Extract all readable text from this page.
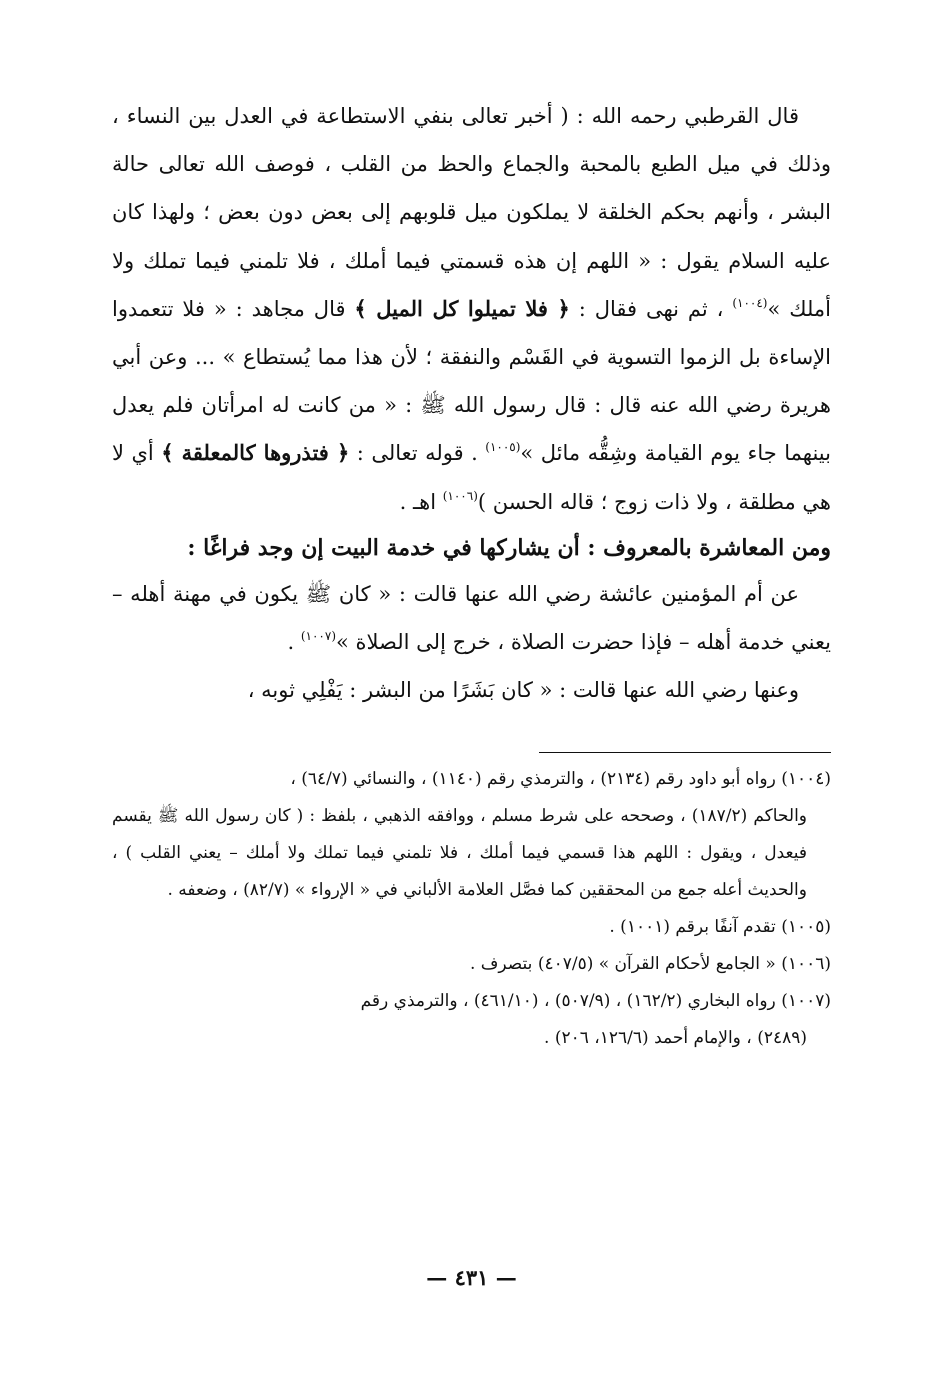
قال القرطبي رحمه الله : ( أخبر تعالى بنفي الاستطاعة في العدل بين النساء ، وذلك في ميل الطبع بالمحبة والجماع والحظ من القلب ، فوصف الله تعالى حالة البشر ، وأنهم بحكم الخلقة لا يملكون ميل قلوبهم إلى بعض دون بعض ؛ ولهذا كان عليه السلام يقول : « اللهم إن هذه قسمتي فيما أملك ، فلا تلمني فيما تملك ولا أملك »$^{(١٠٠٤)}$ ، ثم نهى فقال : ﴿ فلا تميلوا كل الميل ﴾ قال مجاهد : « فلا تتعمدوا الإساءة بل الزموا التسوية في القَسْم والنفقة ؛ لأن هذا مما يُستطاع » ... وعن أبي هريرة رضي الله عنه قال : قال رسول الله ﷺ : « من كانت له امرأتان فلم يعدل بينهما جاء يوم القيامة وشِقُّه مائل »$^{(١٠٠٥)}$ . قوله تعالى : ﴿ فتذروها كالمعلقة ﴾ أي لا هي مطلقة ، ولا ذات زوج ؛ قاله الحسن )$^{(١٠٠٦)}$ اهـ .

ومن المعاشرة بالمعروف : أن يشاركها في خدمة البيت إن وجد فراغًا :

عن أم المؤمنين عائشة رضي الله عنها قالت : « كان ﷺ يكون في مهنة أهله – يعني خدمة أهله – فإذا حضرت الصلاة ، خرج إلى الصلاة »$^{(١٠٠٧)}$ .

وعنها رضي الله عنها قالت : « كان بَشَرًا من البشر : يَفْلِي ثوبه ،

(١٠٠٤) رواه أبو داود رقم (٢١٣٤) ، والترمذي رقم (١١٤٠) ، والنسائي (٦٤/٧) ،

والحاكم (١٨٧/٢) ، وصححه على شرط مسلم ، ووافقه الذهبي ، بلفظ : ( كان رسول الله ﷺ يقسم فيعدل ، ويقول : اللهم هذا قسمي فيما أملك ، فلا تلمني فيما تملك ولا أملك – يعني القلب ) ، والحديث أعله جمع من المحققين كما فصَّل العلامة الألباني في « الإرواء » (٨٢/٧) ، وضعفه .

(١٠٠٥) تقدم آنفًا برقم (١٠٠١) .

(١٠٠٦) « الجامع لأحكام القرآن » (٤٠٧/٥) بتصرف .

(١٠٠٧) رواه البخاري (١٦٢/٢) ، (٥٠٧/٩) ، (٤٦١/١٠) ، والترمذي رقم

(٢٤٨٩) ، والإمام أحمد (١٢٦/٦، ٢٠٦) .

— ٤٣١ —
